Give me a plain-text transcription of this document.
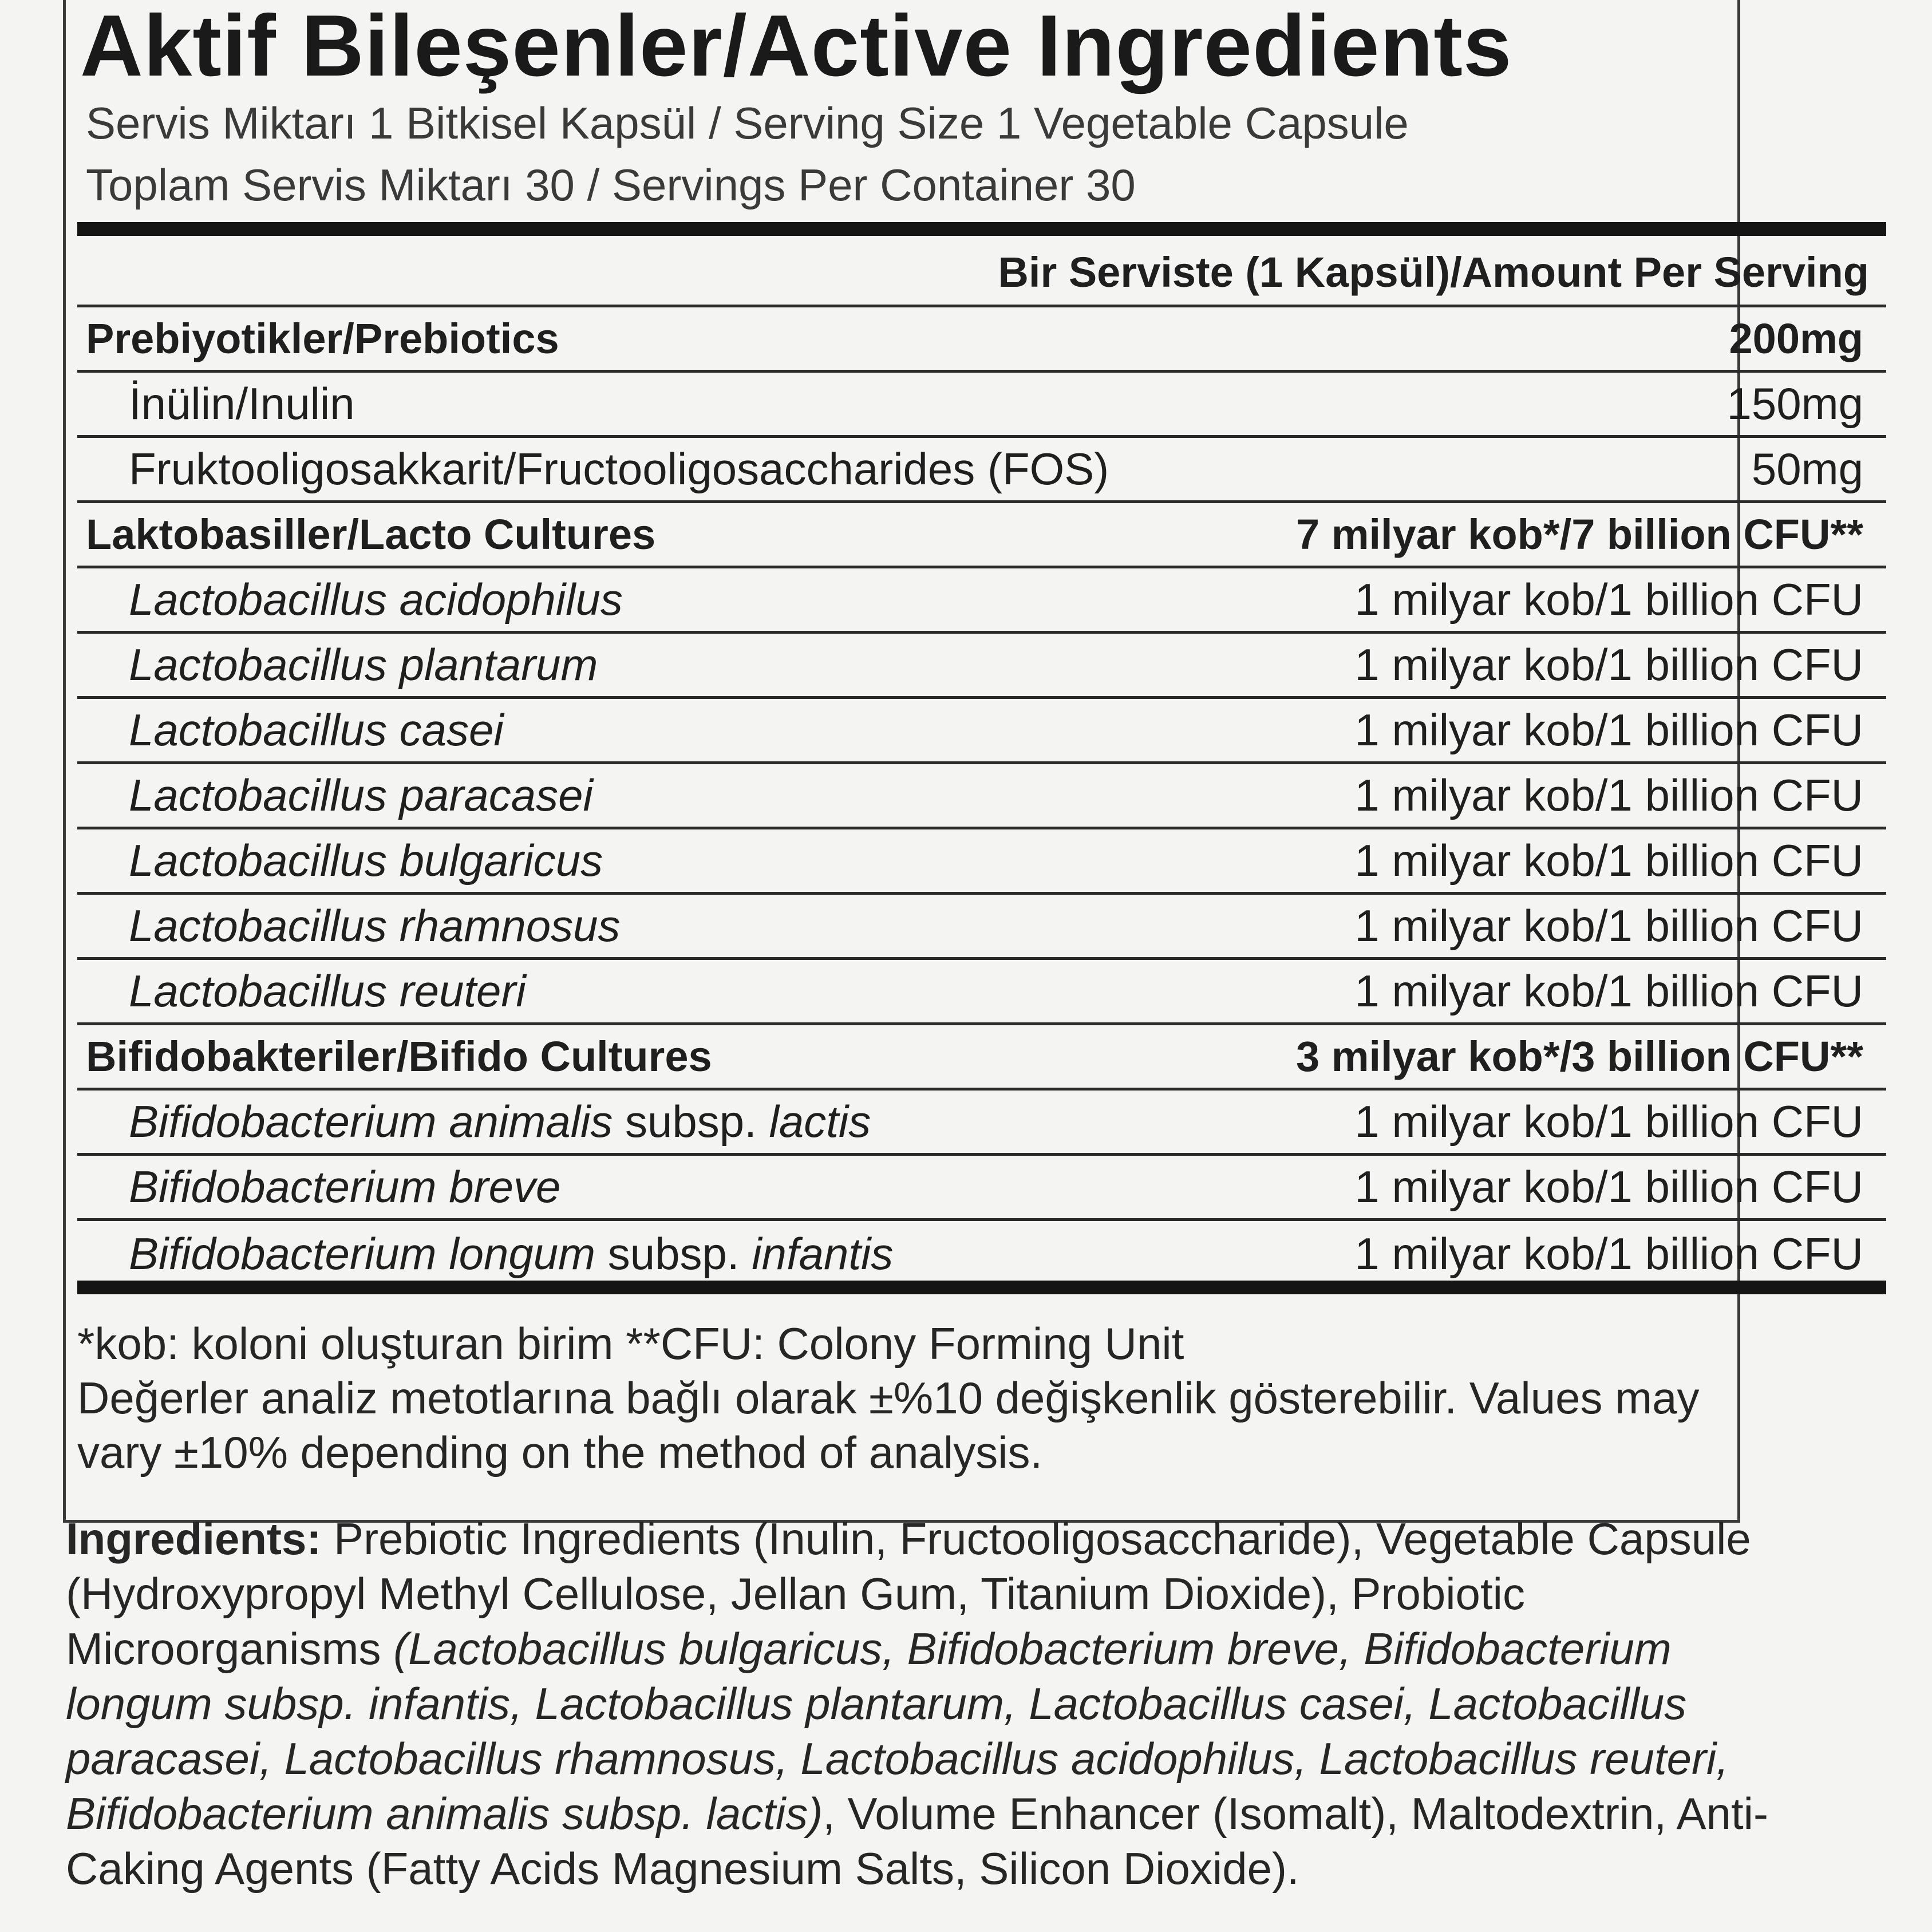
Aktif Bileşenler/Active Ingredients
Servis Miktarı 1 Bitkisel Kapsül / Serving Size 1 Vegetable Capsule
Toplam Servis Miktarı 30 / Servings Per Container 30
Bir Serviste (1 Kapsül)/Amount Per Serving
Prebiyotikler/Prebiotics	200mg
İnülin/Inulin	150mg
Fruktooligosakkarit/Fructooligosaccharides (FOS)	50mg
Laktobasiller/Lacto Cultures	7 milyar kob*/7 billion CFU**
Lactobacillus acidophilus	1 milyar kob/1 billion CFU
Lactobacillus plantarum	1 milyar kob/1 billion CFU
Lactobacillus casei	1 milyar kob/1 billion CFU
Lactobacillus paracasei	1 milyar kob/1 billion CFU
Lactobacillus bulgaricus	1 milyar kob/1 billion CFU
Lactobacillus rhamnosus	1 milyar kob/1 billion CFU
Lactobacillus reuteri	1 milyar kob/1 billion CFU
Bifidobakteriler/Bifido Cultures	3 milyar kob*/3 billion CFU**
Bifidobacterium animalis subsp. lactis	1 milyar kob/1 billion CFU
Bifidobacterium breve	1 milyar kob/1 billion CFU
Bifidobacterium longum subsp. infantis	1 milyar kob/1 billion CFU
*kob: koloni oluşturan birim **CFU: Colony Forming Unit
Değerler analiz metotlarına bağlı olarak ±%10 değişkenlik gösterebilir. Values may vary ±10% depending on the method of analysis.
Ingredients: Prebiotic Ingredients (Inulin, Fructooligosaccharide), Vegetable Capsule (Hydroxypropyl Methyl Cellulose, Jellan Gum, Titanium Dioxide), Probiotic Microorganisms (Lactobacillus bulgaricus, Bifidobacterium breve, Bifidobacterium longum subsp. infantis, Lactobacillus plantarum, Lactobacillus casei, Lactobacillus paracasei, Lactobacillus rhamnosus, Lactobacillus acidophilus, Lactobacillus reuteri, Bifidobacterium animalis subsp. lactis), Volume Enhancer (Isomalt), Maltodextrin, Anti-Caking Agents (Fatty Acids Magnesium Salts, Silicon Dioxide).
